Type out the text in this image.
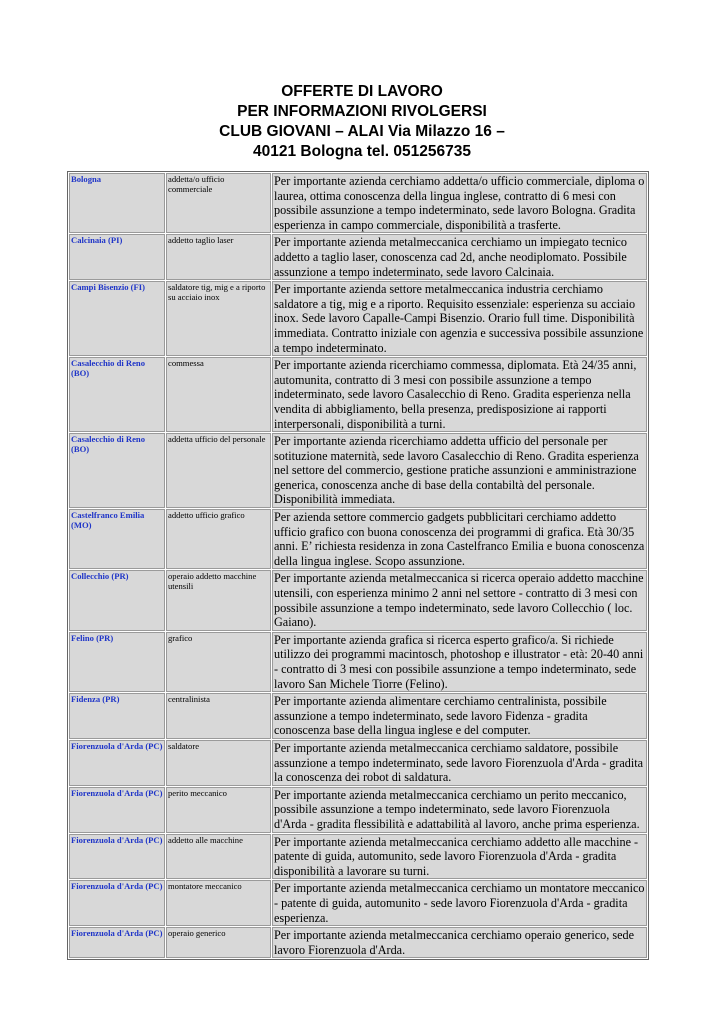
OFFERTE DI LAVORO
PER INFORMAZIONI RIVOLGERSI
CLUB GIOVANI – ALAI Via Milazzo 16 –
40121 Bologna tel. 051256735
Bologna	addetta/o ufficio commerciale	Per importante azienda cerchiamo addetta/o ufficio commerciale, diploma o laurea, ottima conoscenza della lingua inglese, contratto di 6 mesi con possibile assunzione a tempo indeterminato, sede lavoro Bologna. Gradita esperienza in campo commerciale, disponibilità a trasferte.
Calcinaia (PI)	addetto taglio laser	Per importante azienda metalmeccanica cerchiamo un impiegato tecnico addetto a taglio laser, conoscenza cad 2d, anche neodiplomato. Possibile assunzione a tempo indeterminato, sede lavoro Calcinaia.
Campi Bisenzio (FI)	saldatore tig, mig e a riporto su acciaio inox	Per importante azienda settore metalmeccanica industria cerchiamo saldatore a tig, mig e a riporto. Requisito essenziale: esperienza su acciaio inox. Sede lavoro Capalle-Campi Bisenzio. Orario full time. Disponibilità immediata. Contratto iniziale con agenzia e successiva possibile assunzione a tempo indeterminato.
Casalecchio di Reno (BO)	commessa	Per importante azienda ricerchiamo commessa, diplomata. Età 24/35 anni, automunita, contratto di 3 mesi con possibile assunzione a tempo indeterminato, sede lavoro Casalecchio di Reno. Gradita esperienza nella vendita di abbigliamento, bella presenza, predisposizione ai rapporti interpersonali, disponibilità a turni.
Casalecchio di Reno (BO)	addetta ufficio del personale	Per importante azienda ricerchiamo addetta ufficio del personale per sotituzione maternità, sede lavoro Casalecchio di Reno. Gradita esperienza nel settore del commercio, gestione pratiche assunzioni e amministrazione generica, conoscenza anche di base della contabiltà del personale. Disponibilità immediata.
Castelfranco Emilia (MO)	addetto ufficio grafico	Per azienda settore commercio gadgets pubblicitari cerchiamo addetto ufficio grafico con buona conoscenza dei programmi di grafica. Età 30/35 anni. E’ richiesta residenza in zona Castelfranco Emilia e buona conoscenza della lingua inglese. Scopo assunzione.
Collecchio (PR)	operaio addetto macchine utensili	Per importante azienda metalmeccanica si ricerca operaio addetto macchine utensili, con esperienza minimo 2 anni nel settore - contratto di 3 mesi con possibile assunzione a tempo indeterminato, sede lavoro Collecchio ( loc. Gaiano).
Felino (PR)	grafico	Per importante azienda grafica si ricerca esperto grafico/a. Si richiede utilizzo dei programmi macintosch, photoshop e illustrator - età: 20-40 anni - contratto di 3 mesi con possibile assunzione a tempo indeterminato, sede lavoro San Michele Tiorre (Felino).
Fidenza (PR)	centralinista	Per importante azienda alimentare cerchiamo centralinista, possibile assunzione a tempo indeterminato, sede lavoro Fidenza - gradita conoscenza base della lingua inglese e del computer.
Fiorenzuola d'Arda (PC)	saldatore	Per importante azienda metalmeccanica cerchiamo saldatore, possibile assunzione a tempo indeterminato, sede lavoro Fiorenzuola d'Arda - gradita la conoscenza dei robot di saldatura.
Fiorenzuola d'Arda (PC)	perito meccanico	Per importante azienda metalmeccanica cerchiamo un perito meccanico, possibile assunzione a tempo indeterminato, sede lavoro Fiorenzuola d'Arda - gradita flessibilità e adattabilità al lavoro, anche prima esperienza.
Fiorenzuola d'Arda (PC)	addetto alle macchine	Per importante azienda metalmeccanica cerchiamo addetto alle macchine - patente di guida, automunito, sede lavoro Fiorenzuola d'Arda - gradita disponibilità a lavorare su turni.
Fiorenzuola d'Arda (PC)	montatore meccanico	Per importante azienda metalmeccanica cerchiamo un montatore meccanico - patente di guida, automunito - sede lavoro Fiorenzuola d'Arda - gradita esperienza.
Fiorenzuola d'Arda (PC)	operaio generico	Per importante azienda metalmeccanica cerchiamo operaio generico, sede lavoro Fiorenzuola d'Arda.
